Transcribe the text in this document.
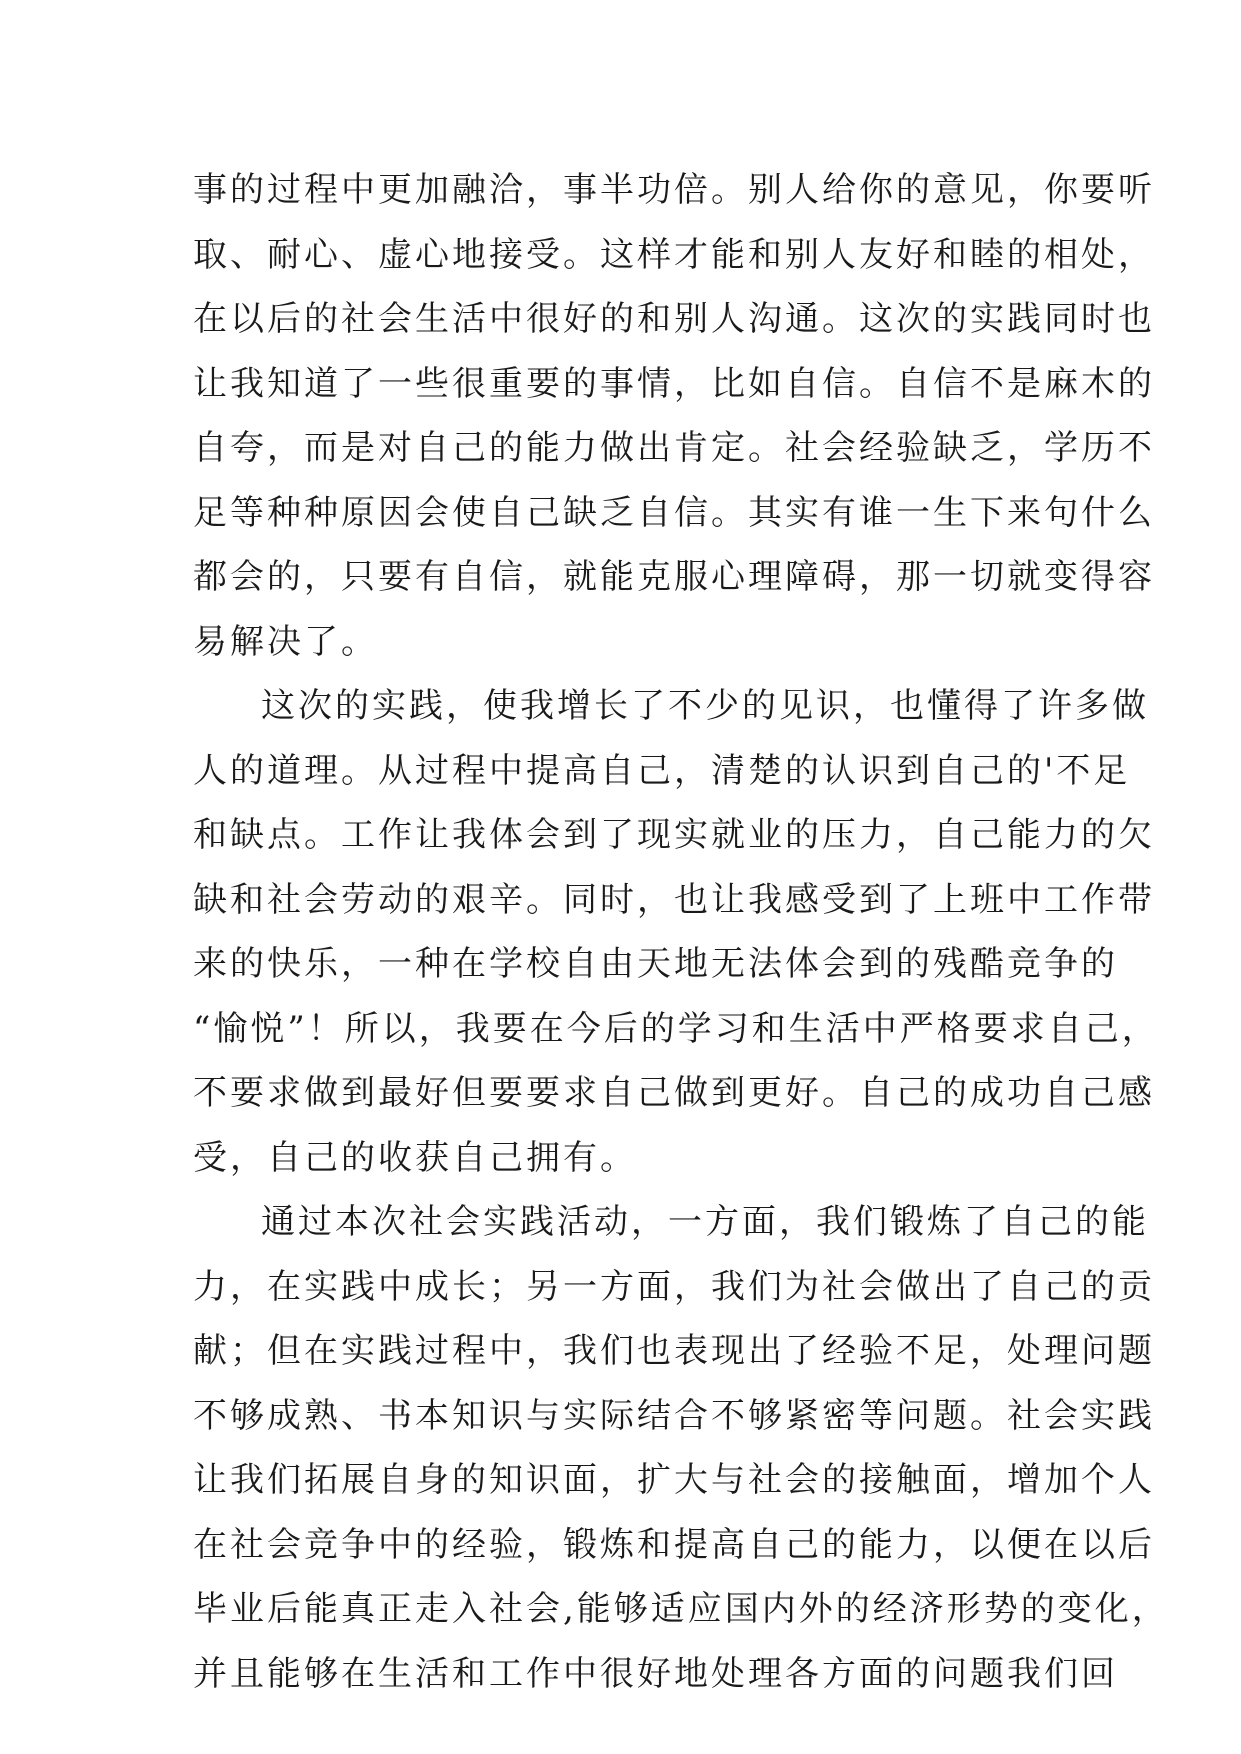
事的过程中更加融洽，事半功倍。别人给你的意见，你要听
取、耐心、虚心地接受。这样才能和别人友好和睦的相处，
在以后的社会生活中很好的和别人沟通。这次的实践同时也
让我知道了一些很重要的事情，比如自信。自信不是麻木的
自夸，而是对自己的能力做出肯定。社会经验缺乏，学历不
足等种种原因会使自己缺乏自信。其实有谁一生下来句什么
都会的，只要有自信，就能克服心理障碍，那一切就变得容
易解决了。
这次的实践，使我增长了不少的见识，也懂得了许多做
人的道理。从过程中提高自己，清楚的认识到自己的'不足
和缺点。工作让我体会到了现实就业的压力，自己能力的欠
缺和社会劳动的艰辛。同时，也让我感受到了上班中工作带
来的快乐，一种在学校自由天地无法体会到的残酷竞争的
“愉悦”！所以，我要在今后的学习和生活中严格要求自己，
不要求做到最好但要要求自己做到更好。自己的成功自己感
受，自己的收获自己拥有。
通过本次社会实践活动，一方面，我们锻炼了自己的能
力，在实践中成长；另一方面，我们为社会做出了自己的贡
献；但在实践过程中，我们也表现出了经验不足，处理问题
不够成熟、书本知识与实际结合不够紧密等问题。社会实践
让我们拓展自身的知识面，扩大与社会的接触面，增加个人
在社会竞争中的经验，锻炼和提高自己的能力，以便在以后
毕业后能真正走入社会,能够适应国内外的经济形势的变化，
并且能够在生活和工作中很好地处理各方面的问题我们回
